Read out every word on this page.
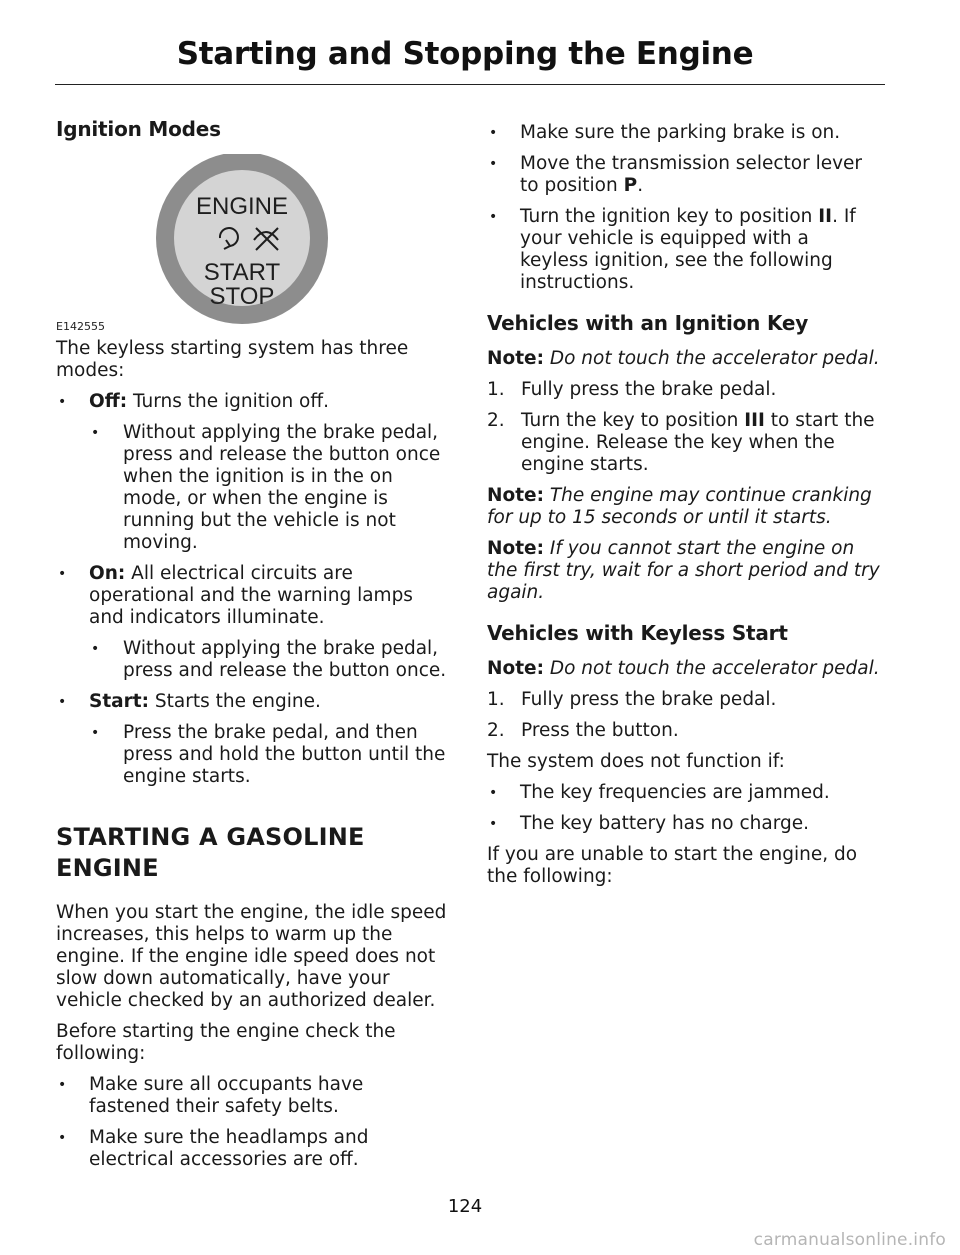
Starting and Stopping the Engine
Ignition Modes
ENGINE
START
STOP
E142555

The keyless starting system has three modes:

• Off: Turns the ignition off.
• Without applying the brake pedal, press and release the button once when the ignition is in the on mode, or when the engine is running but the vehicle is not moving.
• On: All electrical circuits are operational and the warning lamps and indicators illuminate.
• Without applying the brake pedal, press and release the button once.
• Start: Starts the engine.
• Press the brake pedal, and then press and hold the button until the engine starts.
STARTING A GASOLINE ENGINE

When you start the engine, the idle speed increases, this helps to warm up the engine. If the engine idle speed does not slow down automatically, have your vehicle checked by an authorized dealer.

Before starting the engine check the following:

• Make sure all occupants have fastened their safety belts.
• Make sure the headlamps and electrical accessories are off.
• Make sure the parking brake is on.
• Move the transmission selector lever to position P.
• Turn the ignition key to position II. If your vehicle is equipped with a keyless ignition, see the following instructions.
Vehicles with an Ignition Key

Note: Do not touch the accelerator pedal.

1. Fully press the brake pedal.
2. Turn the key to position III to start the engine. Release the key when the engine starts.

Note: The engine may continue cranking for up to 15 seconds or until it starts.

Note: If you cannot start the engine on the first try, wait for a short period and try again.

Vehicles with Keyless Start

Note: Do not touch the accelerator pedal.

1. Fully press the brake pedal.
2. Press the button.

The system does not function if:

• The key frequencies are jammed.
• The key battery has no charge.

If you are unable to start the engine, do the following:

124
carmanualsonline.info
